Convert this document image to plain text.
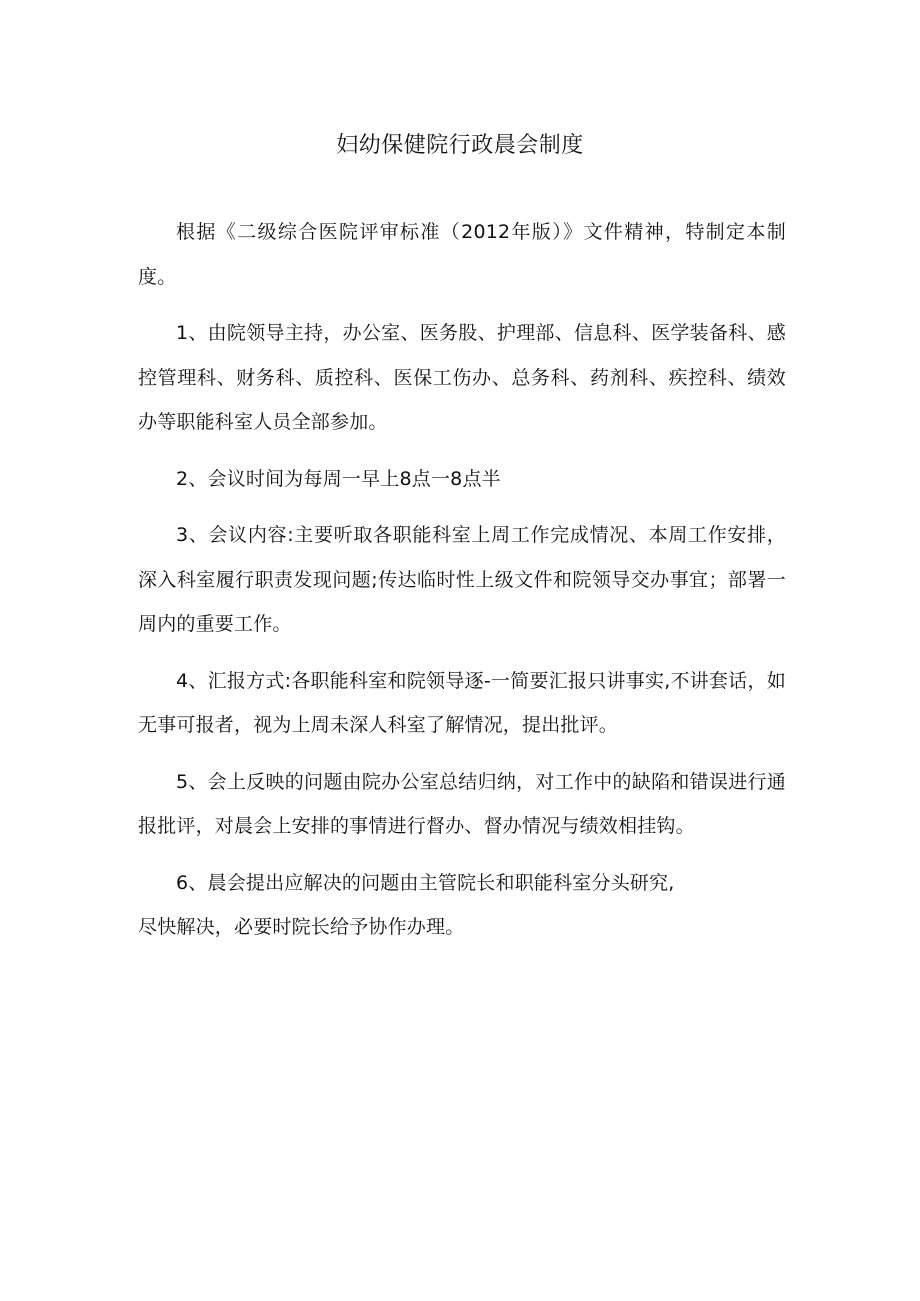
妇幼保健院行政晨会制度

根据《二级综合医院评审标准（2012年版）》文件精神，特制定本制度。

1、由院领导主持，办公室、医务股、护理部、信息科、医学装备科、感控管理科、财务科、质控科、医保工伤办、总务科、药剂科、疾控科、绩效办等职能科室人员全部参加。

2、会议时间为每周一早上8点一8点半

3、会议内容:主要听取各职能科室上周工作完成情况、本周工作安排，深入科室履行职责发现问题;传达临时性上级文件和院领导交办事宜；部署一周内的重要工作。

4、汇报方式:各职能科室和院领导逐-一简要汇报只讲事实,不讲套话，如无事可报者，视为上周未深人科室了解情况，提出批评。

5、会上反映的问题由院办公室总结归纳，对工作中的缺陷和错误进行通报批评，对晨会上安排的事情进行督办、督办情况与绩效相挂钩。

6、晨会提出应解决的问题由主管院长和职能科室分头研究,
尽快解决，必要时院长给予协作办理。
